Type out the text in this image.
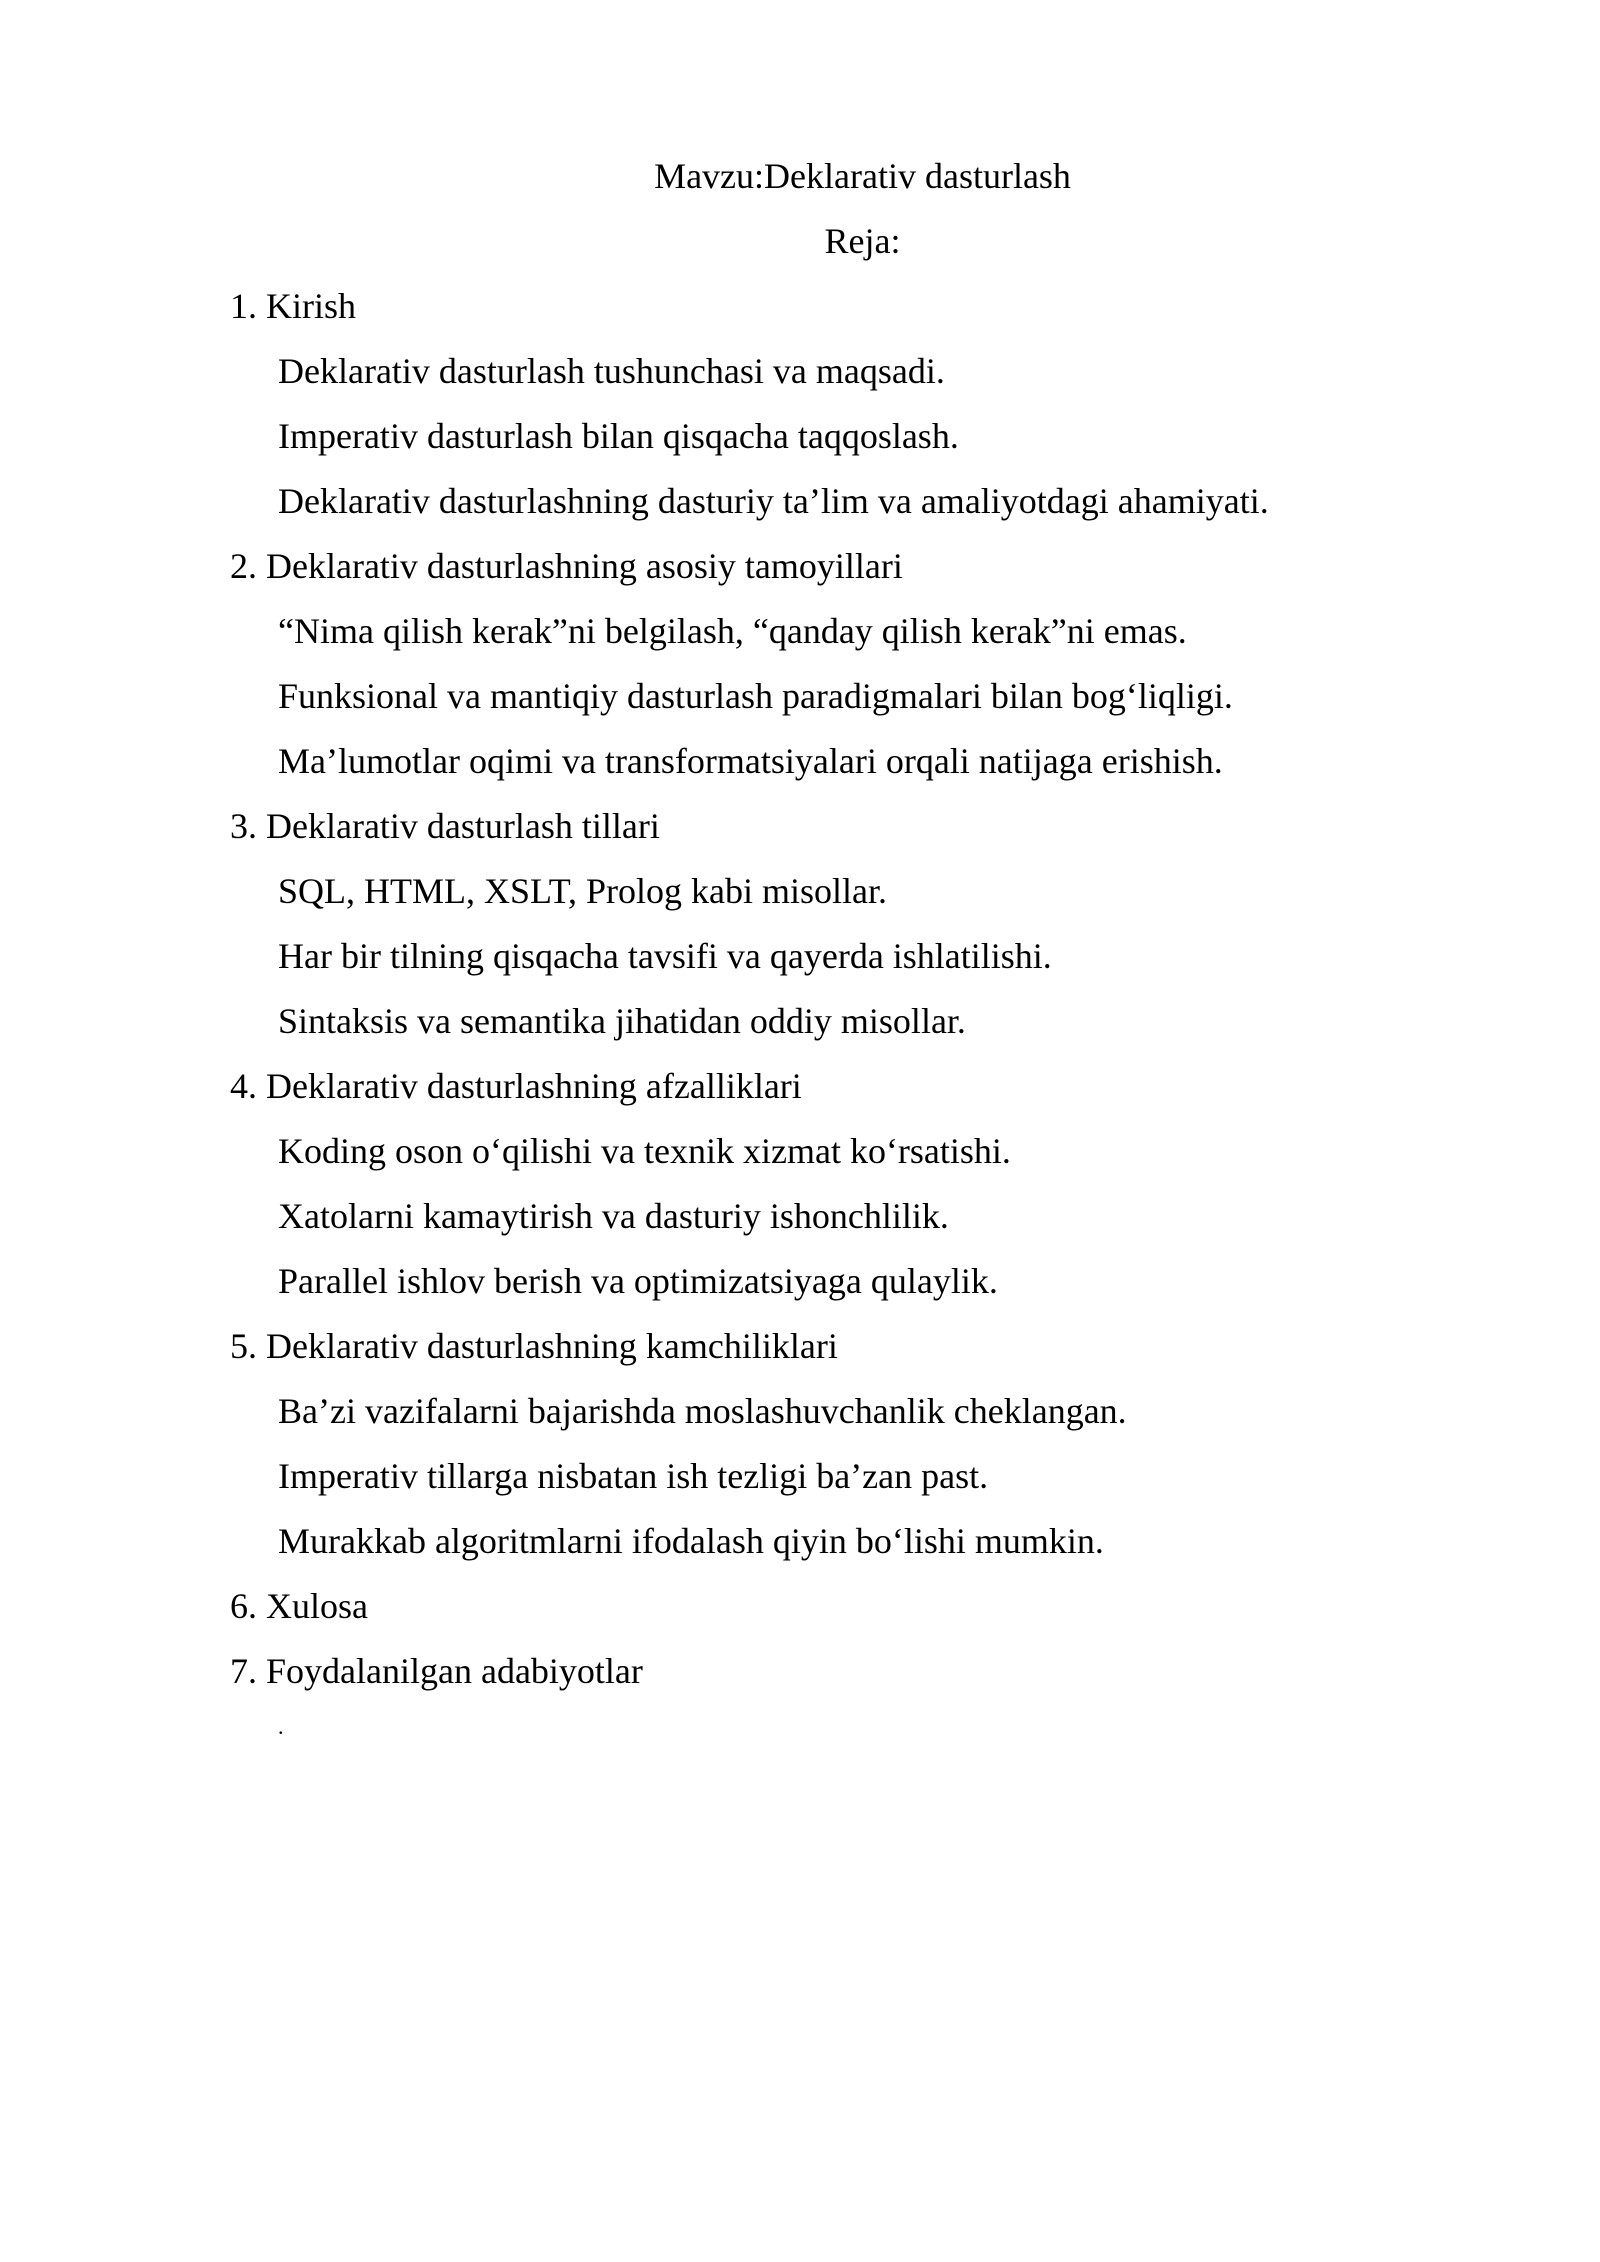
Mavzu:Deklarativ dasturlash
Reja:
1. Kirish
Deklarativ dasturlash tushunchasi va maqsadi.
Imperativ dasturlash bilan qisqacha taqqoslash.
Deklarativ dasturlashning dasturiy ta’lim va amaliyotdagi ahamiyati.
2. Deklarativ dasturlashning asosiy tamoyillari
“Nima qilish kerak”ni belgilash, “qanday qilish kerak”ni emas.
Funksional va mantiqiy dasturlash paradigmalari bilan bog‘liqligi.
Ma’lumotlar oqimi va transformatsiyalari orqali natijaga erishish.
3. Deklarativ dasturlash tillari
SQL, HTML, XSLT, Prolog kabi misollar.
Har bir tilning qisqacha tavsifi va qayerda ishlatilishi.
Sintaksis va semantika jihatidan oddiy misollar.
4. Deklarativ dasturlashning afzalliklari
Koding oson o‘qilishi va texnik xizmat ko‘rsatishi.
Xatolarni kamaytirish va dasturiy ishonchlilik.
Parallel ishlov berish va optimizatsiyaga qulaylik.
5. Deklarativ dasturlashning kamchiliklari
Ba’zi vazifalarni bajarishda moslashuvchanlik cheklangan.
Imperativ tillarga nisbatan ish tezligi ba’zan past.
Murakkab algoritmlarni ifodalash qiyin bo‘lishi mumkin.
6. Xulosa
7. Foydalanilgan adabiyotlar
.
